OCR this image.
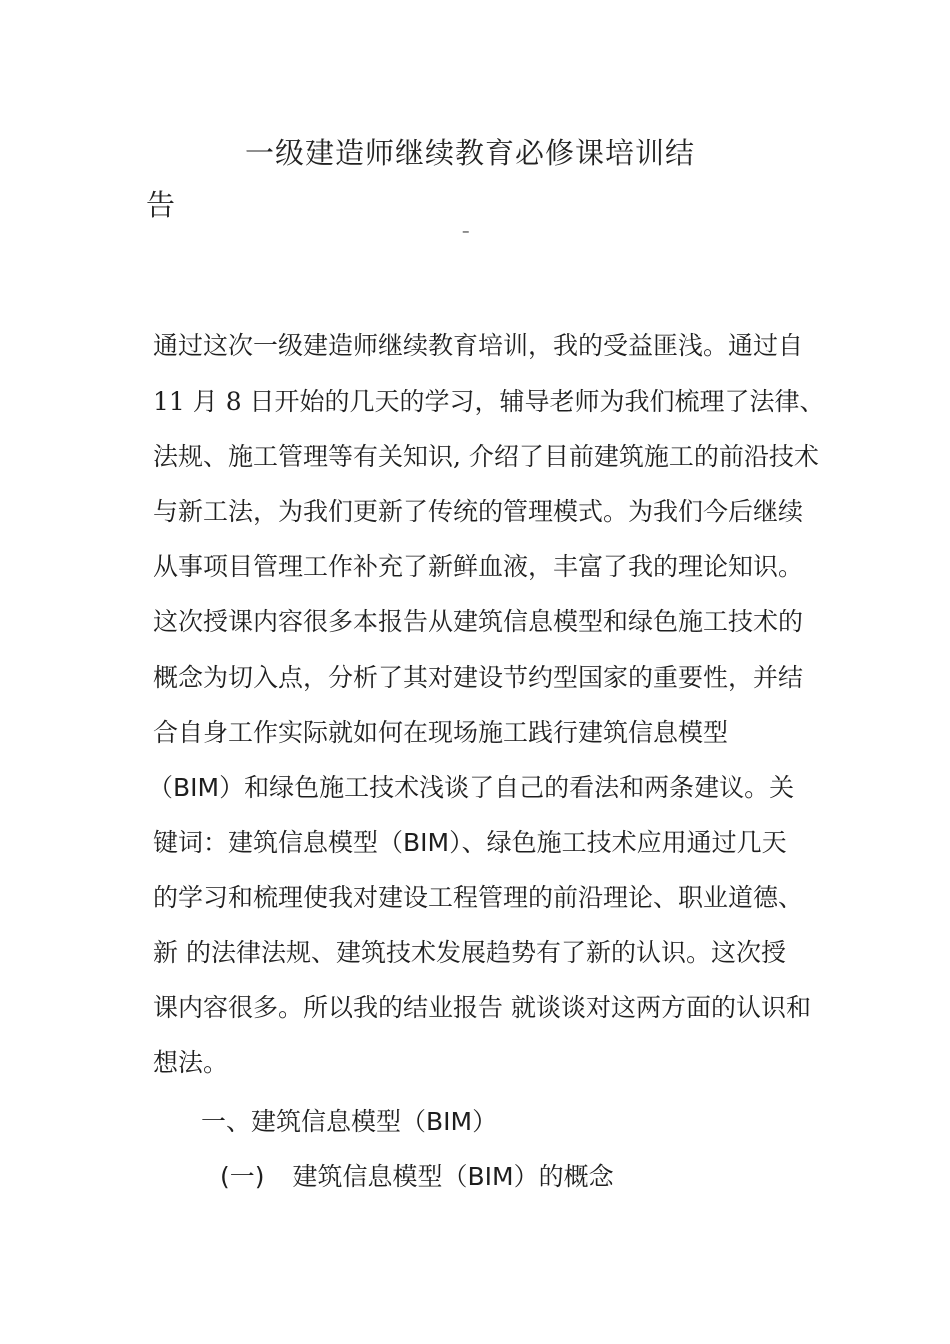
一级建造师继续教育必修课培训结
告
–
通过这次一级建造师继续教育培训，我的受益匪浅。通过自
11 月 8 日开始的几天的学习，辅导老师为我们梳理了法律、
法规、施工管理等有关知识, 介绍了目前建筑施工的前沿技术
与新工法，为我们更新了传统的管理模式。为我们今后继续
从事项目管理工作补充了新鲜血液，丰富了我的理论知识。
这次授课内容很多本报告从建筑信息模型和绿色施工技术的
概念为切入点，分析了其对建设节约型国家的重要性，并结
合自身工作实际就如何在现场施工践行建筑信息模型
（BIM）和绿色施工技术浅谈了自己的看法和两条建议。关
键词：建筑信息模型（BIM）、绿色施工技术应用通过几天
的学习和梳理使我对建设工程管理的前沿理论、职业道德、
新 的法律法规、建筑技术发展趋势有了新的认识。这次授
课内容很多。所以我的结业报告 就谈谈对这两方面的认识和
想法。
一、建筑信息模型（BIM）
(一) 建筑信息模型（BIM）的概念
